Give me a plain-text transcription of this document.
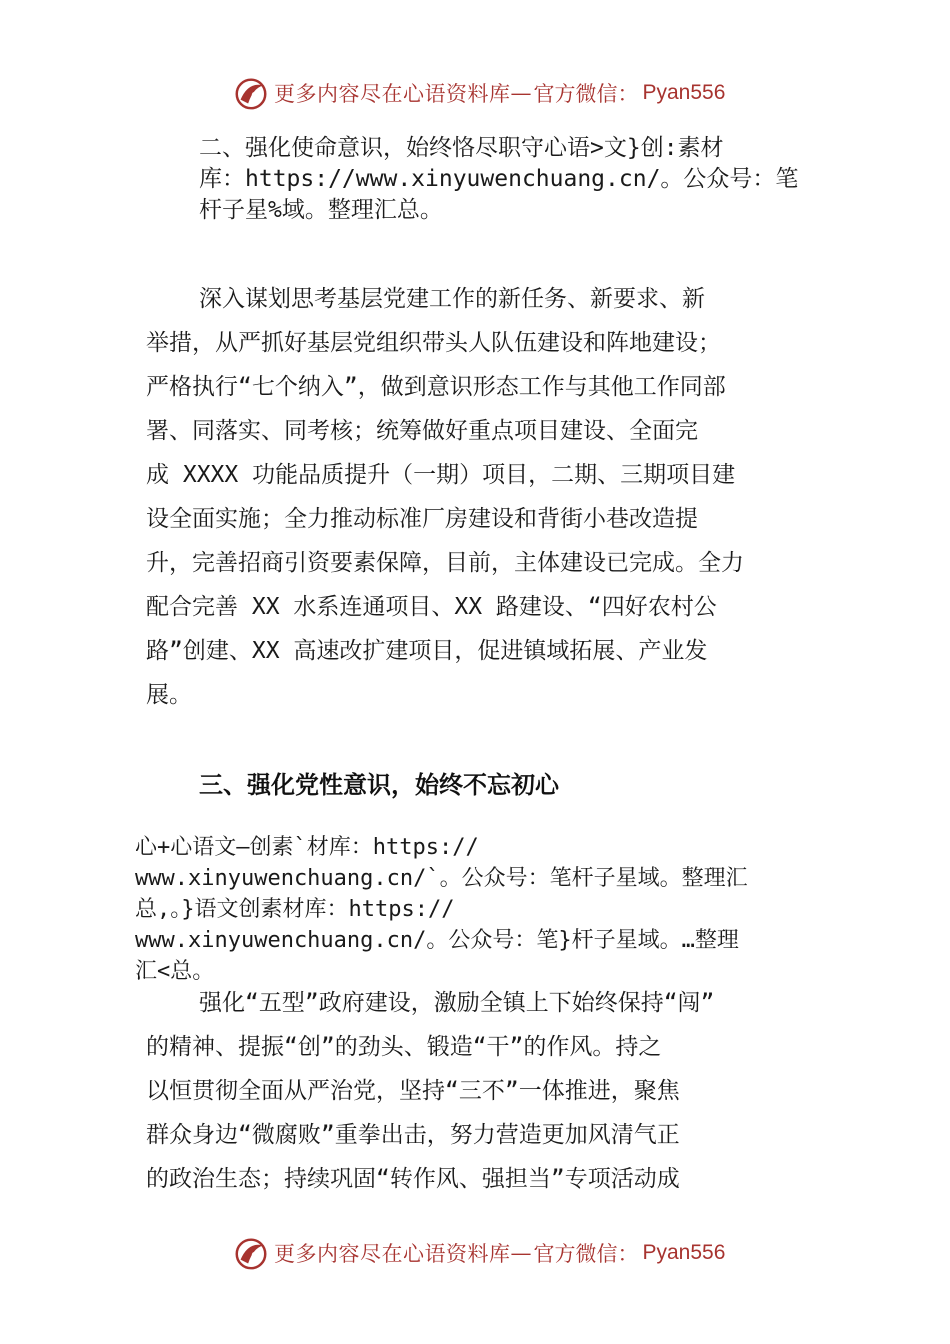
更多内容尽在心语资料库 — 官方微信： Pyan556
二、强化使命意识，始终恪尽职守心语>文}创:素材
库：https://www.xinyuwenchuang.cn/。公众号：笔
杆子星%域。整理汇总。
深入谋划思考基层党建工作的新任务、新要求、新
举措，从严抓好基层党组织带头人队伍建设和阵地建设；
严格执行“七个纳入”，做到意识形态工作与其他工作同部
署、同落实、同考核；统筹做好重点项目建设、全面完
成 XXXX 功能品质提升（一期）项目，二期、三期项目建
设全面实施；全力推动标准厂房建设和背街小巷改造提
升，完善招商引资要素保障，目前，主体建设已完成。全力
配合完善 XX 水系连通项目、XX 路建设、“四好农村公
路”创建、XX 高速改扩建项目，促进镇域拓展、产业发
展。
三、强化党性意识，始终不忘初心
心+心语文—创素`材库：https://
www.xinyuwenchuang.cn/`。公众号：笔杆子星域。整理汇
总,。}语文创素材库：https://
www.xinyuwenchuang.cn/。公众号：笔}杆子星域。…整理
汇<总。
强化“五型”政府建设，激励全镇上下始终保持“闯”
的精神、提振“创”的劲头、锻造“干”的作风。持之
以恒贯彻全面从严治党，坚持“三不”一体推进，聚焦
群众身边“微腐败”重拳出击，努力营造更加风清气正
的政治生态；持续巩固“转作风、强担当”专项活动成
更多内容尽在心语资料库 — 官方微信： Pyan556
